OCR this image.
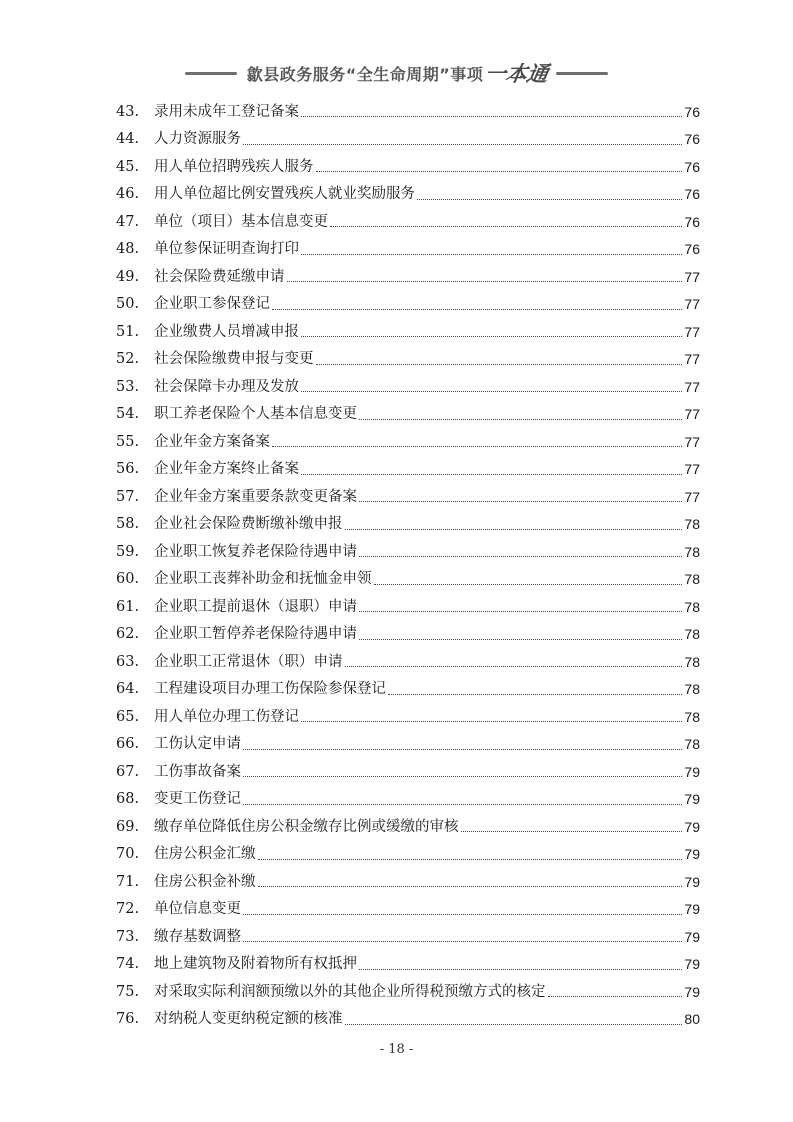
歙县政务服务“全生命周期”事项 一本通
43.	录用未成年工登记备案	76
44.	人力资源服务	76
45.	用人单位招聘残疾人服务	76
46.	用人单位超比例安置残疾人就业奖励服务	76
47.	单位（项目）基本信息变更	76
48.	单位参保证明查询打印	76
49.	社会保险费延缴申请	77
50.	企业职工参保登记	77
51.	企业缴费人员增减申报	77
52.	社会保险缴费申报与变更	77
53.	社会保障卡办理及发放	77
54.	职工养老保险个人基本信息变更	77
55.	企业年金方案备案	77
56.	企业年金方案终止备案	77
57.	企业年金方案重要条款变更备案	77
58.	企业社会保险费断缴补缴申报	78
59.	企业职工恢复养老保险待遇申请	78
60.	企业职工丧葬补助金和抚恤金申领	78
61.	企业职工提前退休（退职）申请	78
62.	企业职工暂停养老保险待遇申请	78
63.	企业职工正常退休（职）申请	78
64.	工程建设项目办理工伤保险参保登记	78
65.	用人单位办理工伤登记	78
66.	工伤认定申请	78
67.	工伤事故备案	79
68.	变更工伤登记	79
69.	缴存单位降低住房公积金缴存比例或缓缴的审核	79
70.	住房公积金汇缴	79
71.	住房公积金补缴	79
72.	单位信息变更	79
73.	缴存基数调整	79
74.	地上建筑物及附着物所有权抵押	79
75.	对采取实际利润额预缴以外的其他企业所得税预缴方式的核定	79
76.	对纳税人变更纳税定额的核准	80
- 18 -
